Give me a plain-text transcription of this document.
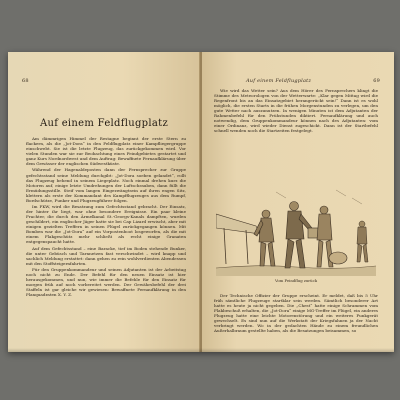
68
Auf einem Feldflugplatz

Am dämmrigen Himmel der Restagne beginnt der erste Stern zu flackern, als die „Jot-Dora“ in den Feldflugplatz einer Kampfliegergruppe einschwebt. Sie ist die letzte Flugzeug, das zurückgekommen wird. Vor vielen Stunden war sie zur Beobachtung eines Feindgebietes gestartet und ganz Kurs Nordnordwest und dem Auftrag: Bewaffnete Fernaufklärung über dem Gewässer der englischen Südwestküste.

Während der Hagenaldeposten dann der Fernsprecher zur Gruppe gefechtsstand seine Meldung durchgibt: „Jot-Dora soeben gelandet“, rollt das Flugzeug behend in seinem Liegeplatz. Noch einmal drehen kurz die Motoren auf, einige letzte Umdrehungen der Luftschrauben, dann füllt die Ermüdungsstille. Steif vom langen Eingezwängtsein auf ihren engen Sitz, klettern als erste der Kommandant des Kampfflugzeuges aus dem Rumpf, Bordschütze, Funker und Flugzeugführer folgen.

Im FKW, wird die Besatzung zum Gefechtsstand gebracht. Der Einsatz, der hinter ihr liegt, war ohne besondere Ereignisse. Ein paar kleine Frachter, die durch den Ärmelkanal St.-Georgs-Kanals dampften, wurden geschildert, ein englischer Jäger hatte sie bei Cap Lizard erwischt, aber mit einigen gezielten Treffern in seinen Flügel zurückgegangen können. Mit Bomben war die „Jot-Dora“ auf ein Vorpostenboot losgeworfen, als die mit einem Flakgeschütz mehr schließt als recht einige Granaten entgegenspaucht hatte.

Auf dem Gefechtsstand – eine Baracke, tief im Boden stehende Bunker, die unter Gebüsch und Tarnnetzen fast verschwindet – wird knapp und sachlich Meldung erstattet: dann gehen zu rein wohlverdienten Abendessen mit den Stoffsteigernfahrten.

Für den Gruppenkommandeur und seinen Adjutanten ist der Arbeitstag noch nicht zu Ende. Der Befehl für den neuen Einsatz ist hier herausgekommen, und nun, wie immer die Befehle für den Einsatz für morgen früh auf noch vorbereitet werden. Der Gewährsbefehl der drei Staffeln ist gar gleiche wir gewiesen: Bewaffnete Fernaufklärung in den Planquadraten X. Y. Z.

Auf einem Feldflugplatz	69

Wie wird das Wetter sein? Aus dem Hörer des Fernsprechers klingt die Stimme des Meteorologen von der Wetterwarte: „Klar gegen Mittag wird die Regenfront bis an das Einsatzgebiet herangerückt sein!“ Dann ist es wohl möglich, die ersten Starts in die frühen Morgenstunden zu verlegen, um den gute Wetter nach auszunutzen. In wenigen Minuten ist dem Adjutanten der Rahmenbefehl für den Frühstunden diktiert. Fernaufklärung und auch notwendig, dem Gruppenkommandeur können nach des Adjutanten: vom einer Ordinanz, wird wieder Dienst zugeschickt. Dann ist der Startbefehl schnell wenden noch die Startzeiten festgelegt.

Vom Feindflug zurück

Der Technische Offizier der Gruppe erscheint. Er meldet, daß bis 5 Uhr früh sämtliche Flugzeuge startklar sein werden. Sämtlich besonderer Art hatte es heute ja nicht gegeben. Die „Chest“ hatte einige Schrammen vom Flakbeschuß erhalten, die „Jot-Dora“ einige MG-Treffer im Flügel, ein anderes Flugzeug hatte eine leichte Motorenstörung und ein weiteres Funkgerät gewechselt. Es sind nun auf die Werkstatt der Kriegsfahnen ja der Nacht verbringt werden. Wo in der gedachten Hände zu einem freundlichen Außerhalbraum gestellte haben, als die Besatzungen beisammen, so
